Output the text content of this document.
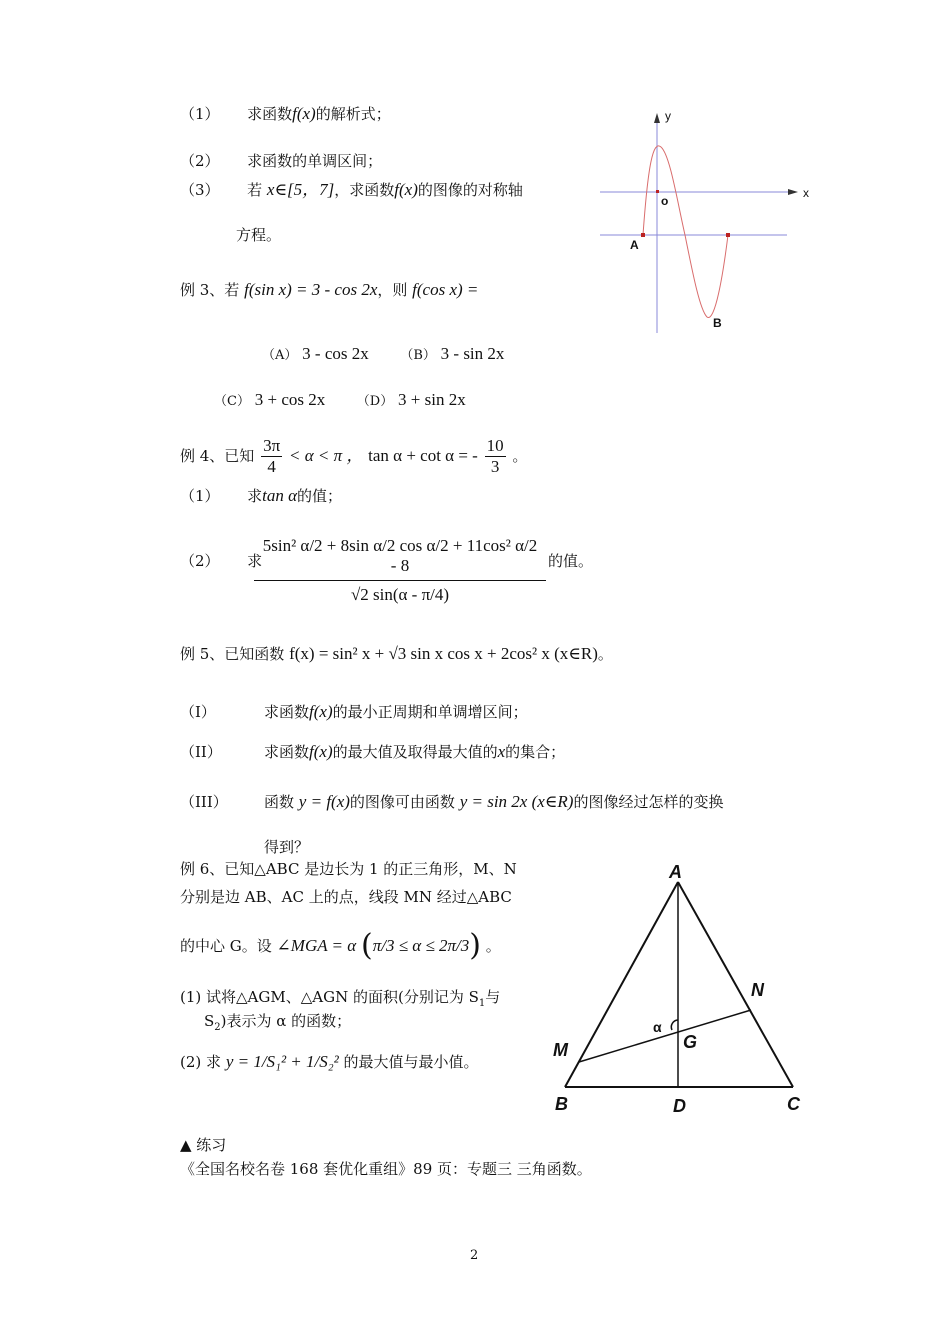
（1） 求函数f(x)的解析式；
（2） 求函数的单调区间；
（3） 若 x∈[5，7]，求函数f(x)的图像的对称轴
方程。
y
x
o
A
B
例 3、若 f(sin x) = 3 - cos 2x，则 f(cos x) =
（A） 3 - cos 2x （B） 3 - sin 2x
（C） 3 + cos 2x （D） 3 + sin 2x
例 4、已知 $\frac{3\pi}{4} < \alpha < \pi$ ， tan α + cot α = - $\frac{10}{3}$ 。
（1） 求tan α的值；
（2） 求
$\frac{\text{5sin² α/2 + 8sin α/2 cos α/2 + 11cos² α/2 - 8}}{√2 \sin(\alpha - \pi/4)}$ 的值。
例 5、已知函数 f(x) = sin² x + √3 sin x cos x + 2cos² x (x∈R)。
（I）	求函数f(x)的最小正周期和单调增区间；
（II）	求函数f(x)的最大值及取得最大值的x的集合；
（III） 函数 y = f(x)的图像可由函数 y = sin 2x (x∈R)的图像经过怎样的变换
得到？
例 6、已知△ABC 是边长为 1 的正三角形，M、N
分别是边 AB、AC 上的点，线段 MN 经过△ABC
的中心 G。设 ∠MGA = α (π/3 ≤ α ≤ 2π/3) 。
(1) 试将△AGM、△AGN 的面积(分别记为 $S_1$与
$S_2$)表示为 α 的函数；
(2) 求 y = 1/S₁² + 1/S₂² 的最大值与最小值。
A
B	C
D
G
M
N
α
▲ 练习
《全国名校名卷 168 套优化重组》89 页：专题三 三角函数。
2
